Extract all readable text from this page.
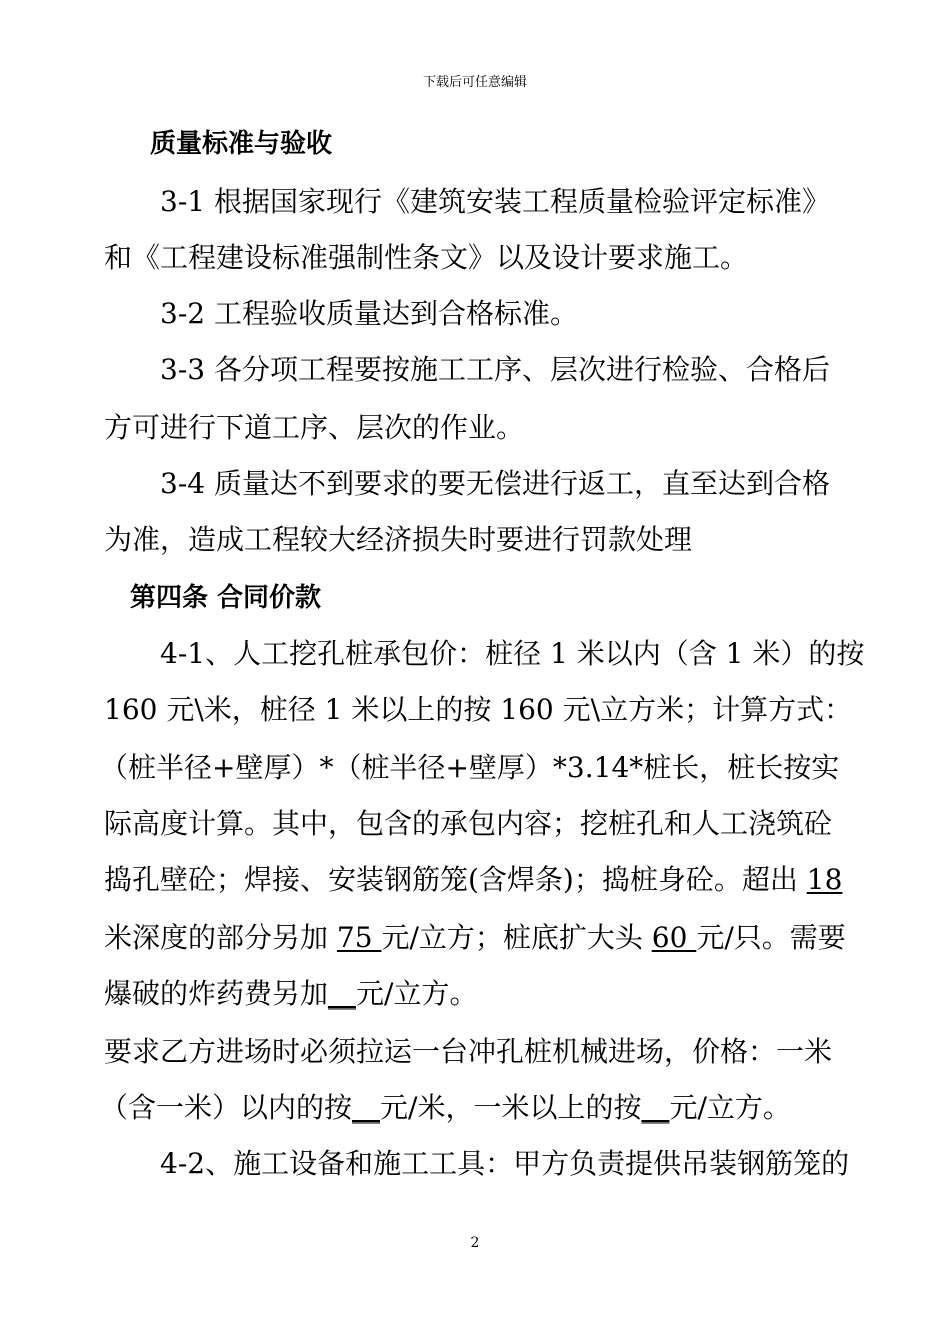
下载后可任意编辑
质量标准与验收
3-1 根据国家现行《建筑安装工程质量检验评定标准》
和《工程建设标准强制性条文》以及设计要求施工。
3-2 工程验收质量达到合格标准。
3-3 各分项工程要按施工工序、层次进行检验、合格后
方可进行下道工序、层次的作业。
3-4 质量达不到要求的要无偿进行返工，直至达到合格
为准，造成工程较大经济损失时要进行罚款处理
第四条 合同价款
4-1、人工挖孔桩承包价：桩径 1 米以内（含 1 米）的按
160 元\米，桩径 1 米以上的按 160 元\立方米；计算方式：
（桩半径+壁厚）*（桩半径+壁厚）*3.14*桩长，桩长按实
际高度计算。其中，包含的承包内容；挖桩孔和人工浇筑砼
捣孔壁砼；焊接、安装钢筋笼(含焊条)；捣桩身砼。超出 18
米深度的部分另加 75 元/立方；桩底扩大头 60 元/只。需要
爆破的炸药费另加__元/立方。
要求乙方进场时必须拉运一台冲孔桩机械进场，价格：一米
（含一米）以内的按__元/米，一米以上的按__元/立方。
4-2、施工设备和施工工具：甲方负责提供吊装钢筋笼的
2
